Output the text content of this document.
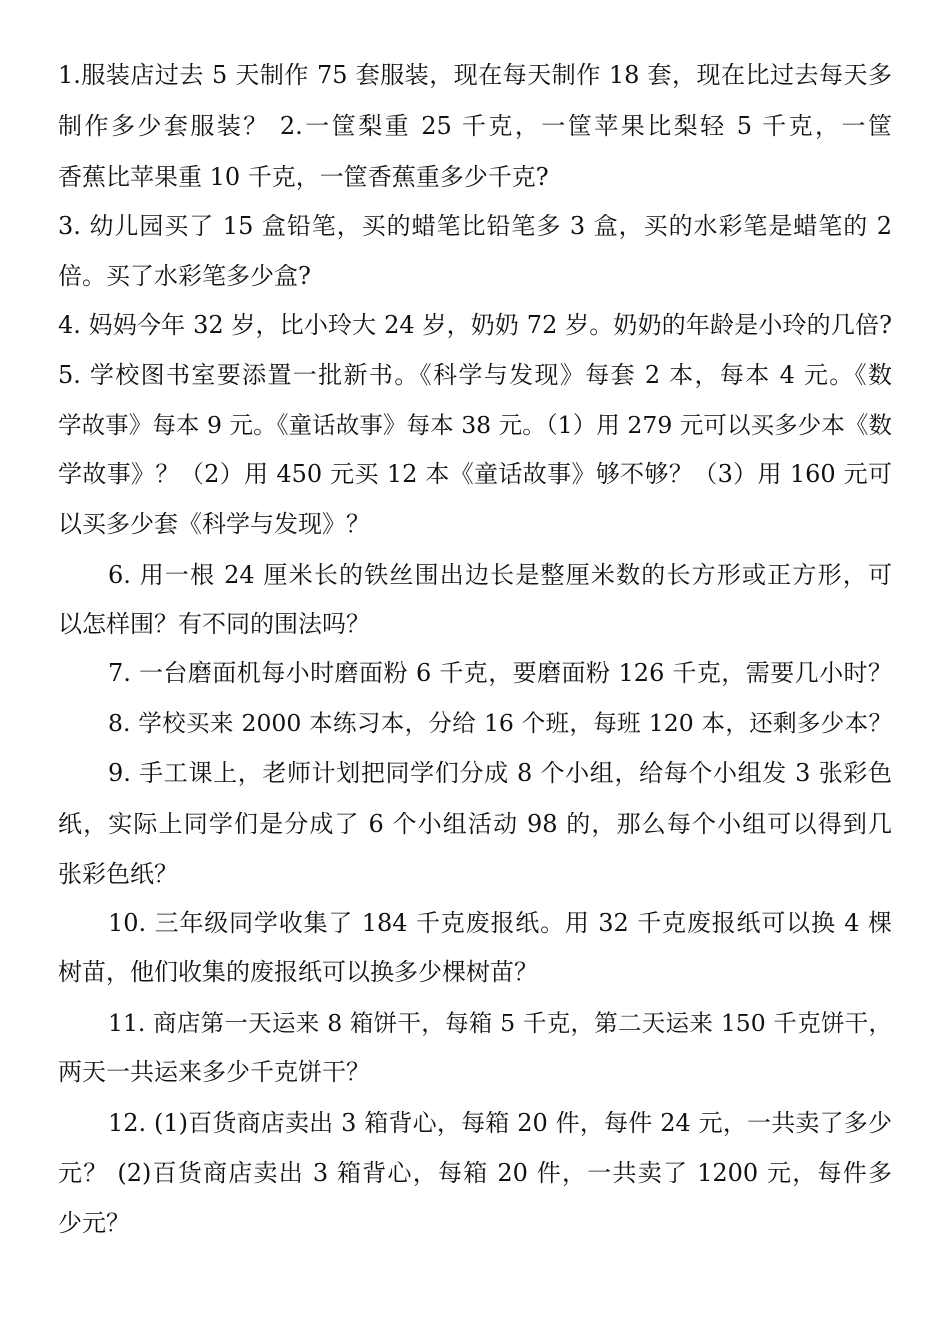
1.服装店过去 5 天制作 75 套服装，现在每天制作 18 套，现在比过去每天多
制作多少套服装？ 2.一筐梨重 25 千克，一筐苹果比梨轻 5 千克，一筐
香蕉比苹果重 10 千克，一筐香蕉重多少千克?
3. 幼儿园买了 15 盒铅笔，买的蜡笔比铅笔多 3 盒，买的水彩笔是蜡笔的 2
倍。买了水彩笔多少盒?
4. 妈妈今年 32 岁，比小玲大 24 岁，奶奶 72 岁。奶奶的年龄是小玲的几倍?
5. 学校图书室要添置一批新书。《科学与发现》每套 2 本，每本 4 元。《数
学故事》每本 9 元。《童话故事》每本 38 元。（1）用 279 元可以买多少本《数
学故事》？（2）用 450 元买 12 本《童话故事》够不够？（3）用 160 元可
以买多少套《科学与发现》？
6. 用一根 24 厘米长的铁丝围出边长是整厘米数的长方形或正方形，可
以怎样围？有不同的围法吗？
7. 一台磨面机每小时磨面粉 6 千克，要磨面粉 126 千克，需要几小时？
8. 学校买来 2000 本练习本，分给 16 个班，每班 120 本，还剩多少本？
9. 手工课上，老师计划把同学们分成 8 个小组，给每个小组发 3 张彩色
纸，实际上同学们是分成了 6 个小组活动 98 的，那么每个小组可以得到几
张彩色纸？
10. 三年级同学收集了 184 千克废报纸。用 32 千克废报纸可以换 4 棵
树苗，他们收集的废报纸可以换多少棵树苗？
11. 商店第一天运来 8 箱饼干，每箱 5 千克，第二天运来 150 千克饼干，
两天一共运来多少千克饼干？
12. (1)百货商店卖出 3 箱背心，每箱 20 件，每件 24 元，一共卖了多少
元？ (2)百货商店卖出 3 箱背心，每箱 20 件，一共卖了 1200 元，每件多
少元？
